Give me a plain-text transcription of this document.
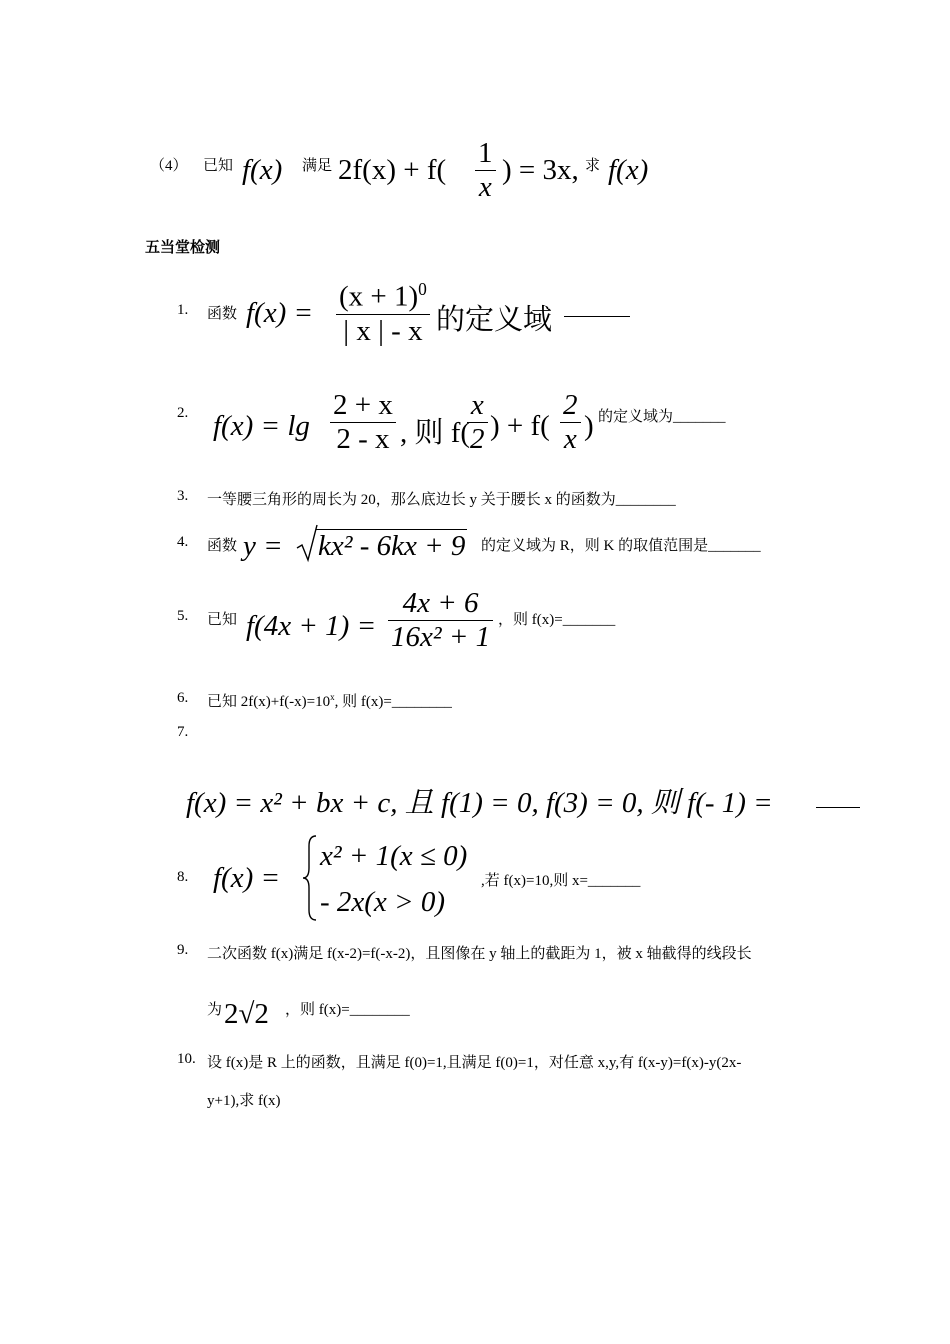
（4） 已知 f(x) 满足 $2f(x) + f( \frac{1}{x}$ ) = 3x, 求 f(x)
五当堂检测
1. 函数 $f(x) = \frac{(x + 1)^0}{| x | - x}$ 的定义域
2. $f(x) = \lg \frac{2 + x}{2 - x}$ , 则 f(
$\frac{x}{2}$ ) + $f( \frac{2}{x}$ ) 的定义域为_______
3. 一等腰三角形的周长为 20，那么底边长 y 关于腰长 x 的函数为________
4. 函数 y = kx² - 6kx + 9 的定义域为 R，则 K 的取值范围是_______
5. 已知 $f(4x + 1) = \frac{4x + 6}{\text{16x² + 1}}$ ，则 f(x)=_______
6. 已知 $2f(x)+f(-x)=10^x$, 则 f(x)=________
7.
f(x) = x² + bx + c, 且 f(1) = 0, f(3) = 0, 则 f(- 1) =
8. f(x) =
x² + 1(x ≤ 0)
- 2x(x > 0)
,若 f(x)=10,则 x=_______
9. 二次函数 f(x)满足 f(x-2)=f(-x-2)，且图像在 y 轴上的截距为 1，被 x 轴截得的线段长
为 2√2 ，则 f(x)=________
10. 设 f(x)是 R 上的函数，且满足 f(0)=1,且满足 f(0)=1，对任意 x,y,有 f(x-y)=f(x)-y(2x-
y+1),求 f(x)
